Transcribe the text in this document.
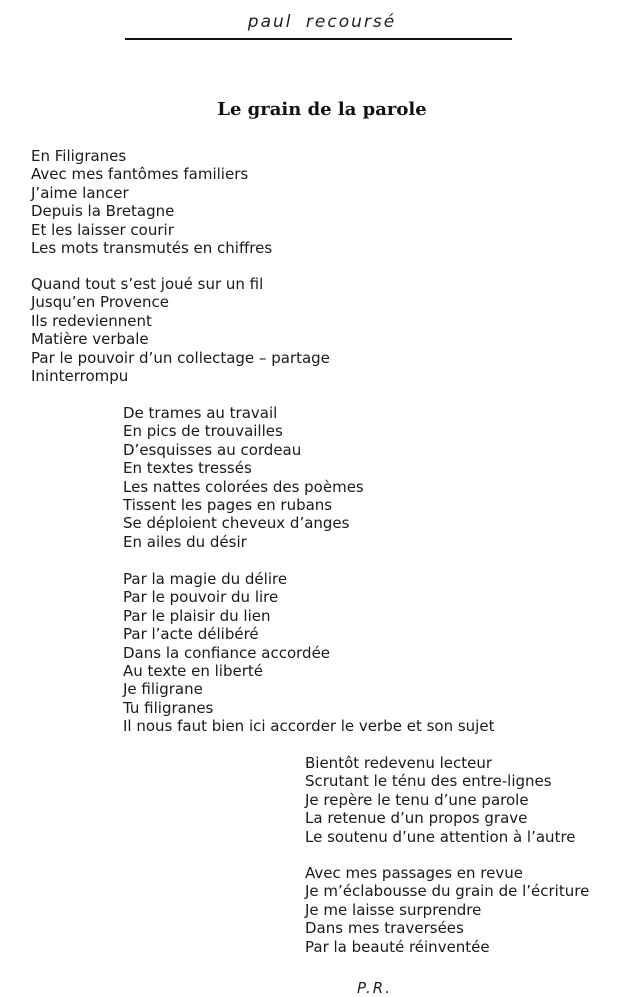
paul recoursé
Le grain de la parole
En Filigranes
Avec mes fantômes familiers
J’aime lancer
Depuis la Bretagne
Et les laisser courir
Les mots transmutés en chiffres
Quand tout s’est joué sur un fil
Jusqu’en Provence
Ils redeviennent
Matière verbale
Par le pouvoir d’un collectage – partage
Ininterrompu
De trames au travail
En pics de trouvailles
D’esquisses au cordeau
En textes tressés
Les nattes colorées des poèmes
Tissent les pages en rubans
Se déploient cheveux d’anges
En ailes du désir
Par la magie du délire
Par le pouvoir du lire
Par le plaisir du lien
Par l’acte délibéré
Dans la confiance accordée
Au texte en liberté
Je filigrane
Tu filigranes
Il nous faut bien ici accorder le verbe et son sujet
Bientôt redevenu lecteur
Scrutant le ténu des entre-lignes
Je repère le tenu d’une parole
La retenue d’un propos grave
Le soutenu d’une attention à l’autre
Avec mes passages en revue
Je m’éclabousse du grain de l’écriture
Je me laisse surprendre
Dans mes traversées
Par la beauté réinventée
P.R.
